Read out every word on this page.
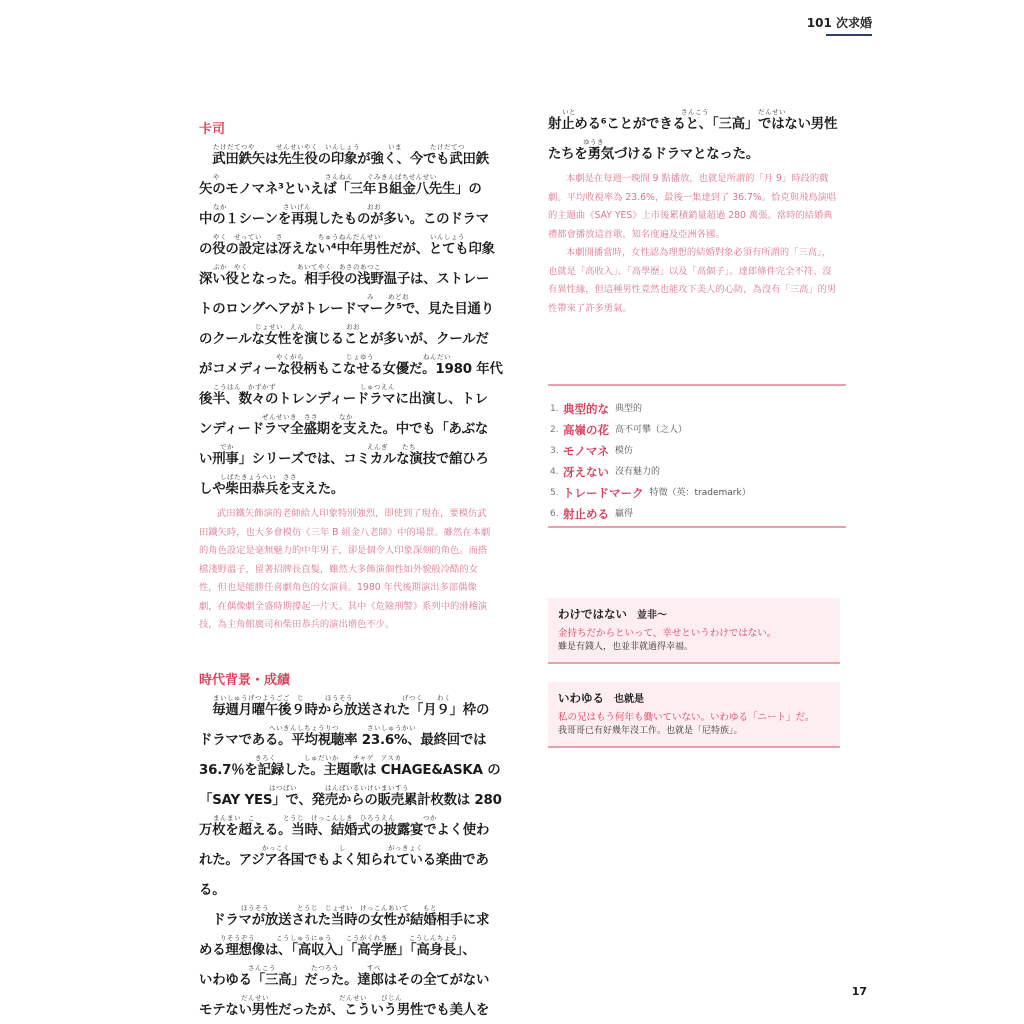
101 次求婚
卡司
たけだてつや　　　せんせいやく　いんしょう　　　　いま　　　　たけだてつ
　武田鉄矢は先生役の印象が強く、今でも武田鉄
や　　　　　　　　　　　　　　　さんねん　　ぐみきんぱちせんせい
矢のモノマネ³といえば「三年Ｂ組金八先生」の
なか　　　　　　　　さいげん　　　　　　　　おお
中の１シーンを再現したものが多い。このドラマ
やく　せってい　　さ　　　　　ちゅうねんだんせい　　　　　　　いんしょう
の役の設定は冴えない⁴中年男性だが、とても印象
ぶか　やく　　　　　　　あいてやく　あさのあつこ
深い役となった。相手役の浅野温子は、ストレー
　　　　　　　　　　　　　　　　　　　　　　み　　めどお
トのロングヘアがトレードマーク⁵で、見た目通り
　　　　　　じょせい　えん　　　　　　おお
のクールな女性を演じることが多いが、クールだ
　　　　　　　　　やくがら　　　　　　じょゆう　　　　　　　ねんだい
がコメディーな役柄もこなせる女優だ。1980 年代
こうはん　かずかず　　　　　　　　　　　　しゅつえん
後半、数々のトレンディードラマに出演し、トレ
　　　　　　　ぜんせいき　ささ　　　なか
ンディードラマ全盛期を支えた。中でも「あぶな
　でか　　　　　　　　　　　　　　　　　　　えんぎ　　たち
い刑事」シリーズでは、コミカルな演技で舘ひろ
　しばたきょうへい　ささ
しや柴田恭兵を支えた。

武田鐵矢飾演的老師給人印象特別強烈，即使到了現在，要模仿武田鐵矢時，也大多會模仿《三年 B 組金八老師》中的場景。雖然在本劇的角色設定是毫無魅力的中年男子，卻是個令人印象深刻的角色。而搭檔淺野溫子，留著招牌長直髮，雖然大多飾演個性如外貌般冷酷的女性，但也是能勝任喜劇角色的女演員。1980 年代後期演出多部偶像劇，在偶像劇全盛時期撐起一片天。其中《危險刑警》系列中的滑稽演技，為主角館廣司和柴田恭兵的演出增色不少。

時代背景・成績
まいしゅうげつようごご　じ　　　ほうそう　　　　　　　げつく　　わく
　毎週月曜午後９時から放送された「月９」枠の
　　　　　　　　へいきんしちょうりつ　　　　さいしゅうかい
ドラマである。平均視聴率 23.6%、最終回では
　　　　　　きろく　　　　しゅだいか　　チャゲ　アスカ
36.7％を記録した。主題歌は CHAGE&ASKA の
　　　　　　　　はつばい　　　　はんばいるいけいまいすう
「SAY YES」で、発売からの販売累計枚数は 280
まんまい　こ　　　　とうじ　けっこんしき　ひろうえん　　　　つか
万枚を超える。当時、結婚式の披露宴でよく使わ
　　　　　　　かっこく　　　　　　　し　　　　　　がっきょく
れた。アジア各国でもよく知られている楽曲であ
る。
　　　　ほうそう　　　　とうじ　じょせい　けっこんあいて　　もと
　ドラマが放送された当時の女性が結婚相手に求
　りそうぞう　　　こうしゅうにゅう　　こうがくれき　　　こうしんちょう
める理想像は、「高収入」「高学歴」「高身長」、
　　　　　さんこう　　　　　たつろう　　　　すべ
いわゆる「三高」だった。達郎はその全てがない
　　　　だんせい　　　　　　　　　　だんせい　　びじん
モテない男性だったが、こういう男性でも美人を
いと　　　　　　　　　　　　　　　さんこう　　　　　　　だんせい
射止める⁶ことができると、「三高」ではない男性
　　　ゆうき
たちを勇気づけるドラマとなった。

本劇是在每週一晚間 9 點播放，也就是所謂的「月 9」時段的戲劇。平均收視率為 23.6%，最後一集達到了 36.7%。恰克與飛鳥演唱的主題曲《SAY YES》上市後累積銷量超過 280 萬張。當時的結婚典禮都會播放這首歌，知名度遍及亞洲各國。

本劇開播當時，女性認為理想的結婚對象必須有所謂的「三高」，也就是「高收入」、「高學歷」以及「高個子」。達郎條件完全不符、沒有異性緣，但這種男性竟然也能攻下美人的心防，為沒有「三高」的男性帶來了許多勇氣。

1. 典型的な 典型的
2. 高嶺の花 高不可攀（之人）
3. モノマネ 模仿
4. 冴えない 沒有魅力的
5. トレードマーク 特徵（英：trademark）
6. 射止める 贏得
わけではない 並非〜
金持ちだからといって、幸せというわけではない。
雖是有錢人，也並非就過得幸福。
いわゆる 也就是
私の兄はもう何年も働いていない。いわゆる「ニート」だ。
我哥哥已有好幾年沒工作。也就是「尼特族」。
17
